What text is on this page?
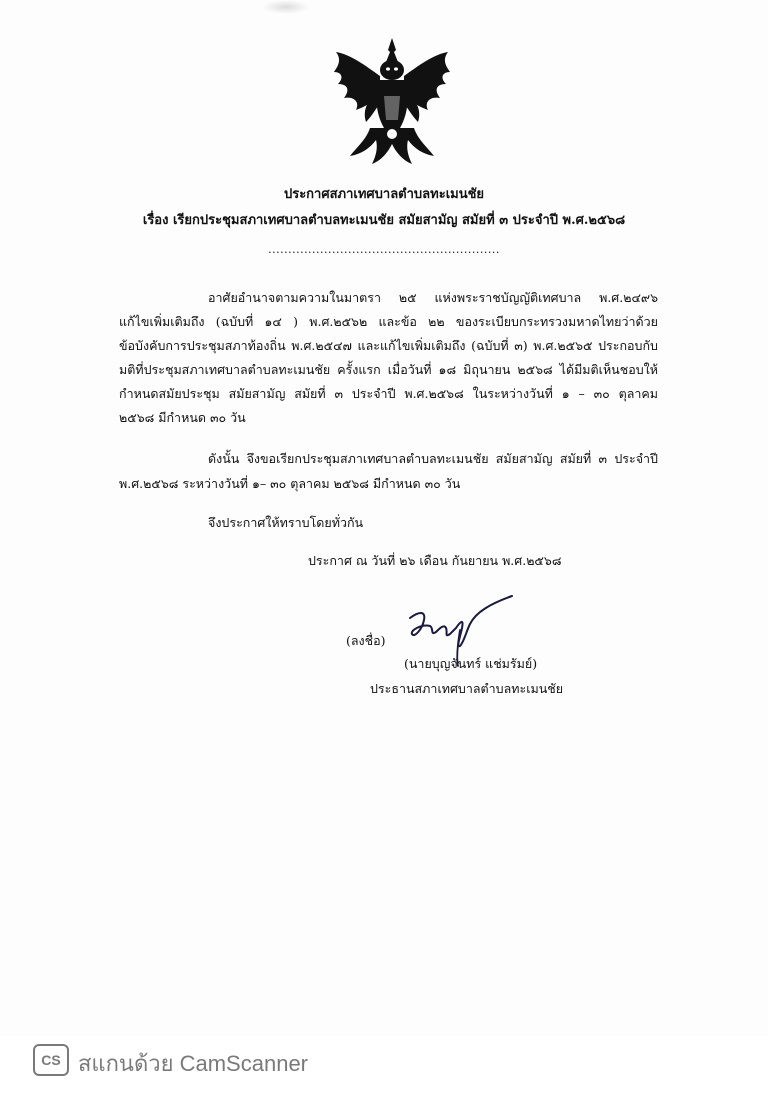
ประกาศสภาเทศบาลตำบลทะเมนชัย
เรื่อง เรียกประชุมสภาเทศบาลตำบลทะเมนชัย สมัยสามัญ สมัยที่ ๓ ประจำปี พ.ศ.๒๕๖๘
..........................................................
อาศัยอำนาจตามความในมาตรา ๒๕ แห่งพระราชบัญญัติเทศบาล พ.ศ.๒๔๙๖
แก้ไขเพิ่มเติมถึง (ฉบับที่ ๑๔ ) พ.ศ.๒๕๖๒ และข้อ ๒๒ ของระเบียบกระทรวงมหาดไทยว่าด้วย
ข้อบังคับการประชุมสภาท้องถิ่น พ.ศ.๒๕๔๗ และแก้ไขเพิ่มเติมถึง (ฉบับที่ ๓) พ.ศ.๒๕๖๕ ประกอบกับ
มติที่ประชุมสภาเทศบาลตำบลทะเมนชัย ครั้งแรก เมื่อวันที่ ๑๘ มิถุนายน ๒๕๖๘ ได้มีมติเห็นชอบให้
กำหนดสมัยประชุม สมัยสามัญ สมัยที่ ๓ ประจำปี พ.ศ.๒๕๖๘ ในระหว่างวันที่ ๑ – ๓๐ ตุลาคม
๒๕๖๘ มีกำหนด ๓๐ วัน
ดังนั้น จึงขอเรียกประชุมสภาเทศบาลตำบลทะเมนชัย สมัยสามัญ สมัยที่ ๓ ประจำปี
พ.ศ.๒๕๖๘ ระหว่างวันที่ ๑– ๓๐ ตุลาคม ๒๕๖๘ มีกำหนด ๓๐ วัน
จึงประกาศให้ทราบโดยทั่วกัน
ประกาศ ณ วันที่ ๒๖ เดือน กันยายน พ.ศ.๒๕๖๘
(ลงชื่อ)
(นายบุญจันทร์ แช่มรัมย์)
ประธานสภาเทศบาลตำบลทะเมนชัย
CS สแกนด้วย CamScanner
